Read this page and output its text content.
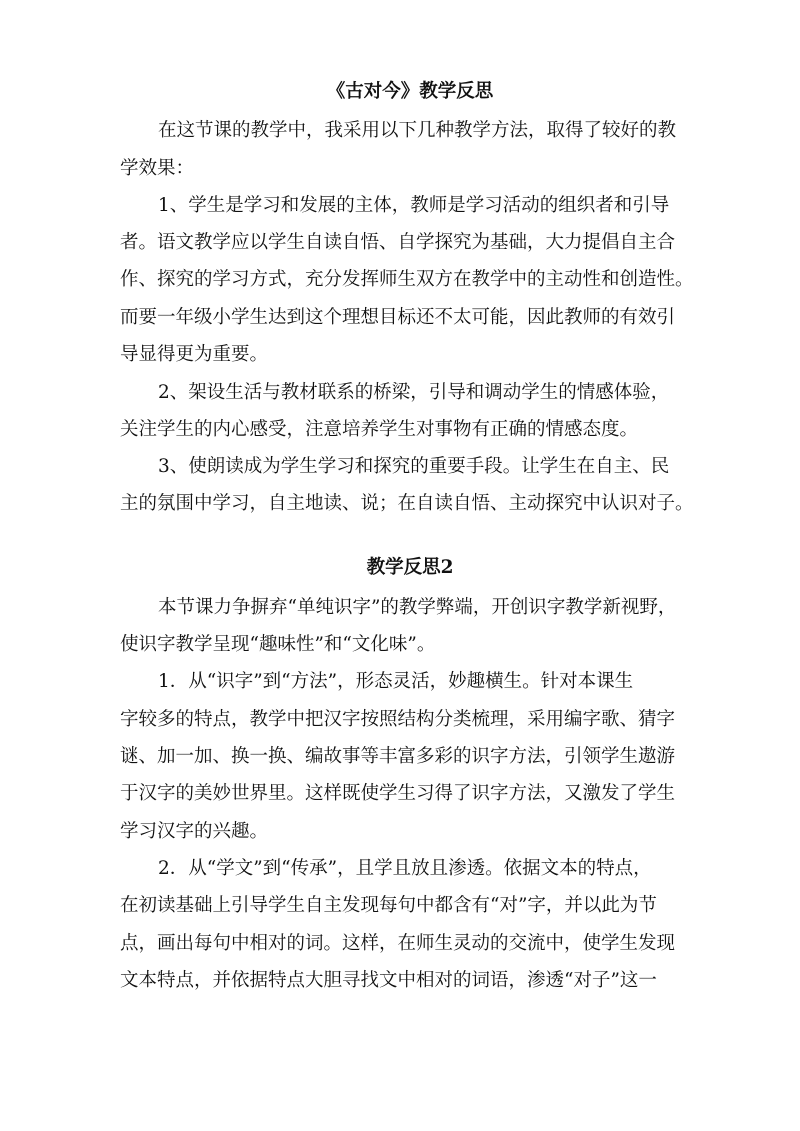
《古对今》教学反思
在这节课的教学中，我采用以下几种教学方法，取得了较好的教
学效果：
1、学生是学习和发展的主体，教师是学习活动的组织者和引导
者。语文教学应以学生自读自悟、自学探究为基础，大力提倡自主合
作、探究的学习方式，充分发挥师生双方在教学中的主动性和创造性。
而要一年级小学生达到这个理想目标还不太可能，因此教师的有效引
导显得更为重要。
2、架设生活与教材联系的桥梁，引导和调动学生的情感体验，
关注学生的内心感受，注意培养学生对事物有正确的情感态度。
3、使朗读成为学生学习和探究的重要手段。让学生在自主、民
主的氛围中学习，自主地读、说；在自读自悟、主动探究中认识对子。
教学反思2
本节课力争摒弃“单纯识字”的教学弊端，开创识字教学新视野，
使识字教学呈现“趣味性”和“文化味”。
1．从“识字”到“方法”，形态灵活，妙趣横生。针对本课生
字较多的特点，教学中把汉字按照结构分类梳理，采用编字歌、猜字
谜、加一加、换一换、编故事等丰富多彩的识字方法，引领学生遨游
于汉字的美妙世界里。这样既使学生习得了识字方法，又激发了学生
学习汉字的兴趣。
2．从“学文”到“传承”，且学且放且渗透。依据文本的特点，
在初读基础上引导学生自主发现每句中都含有“对”字，并以此为节
点，画出每句中相对的词。这样，在师生灵动的交流中，使学生发现
文本特点，并依据特点大胆寻找文中相对的词语，渗透“对子”这一
